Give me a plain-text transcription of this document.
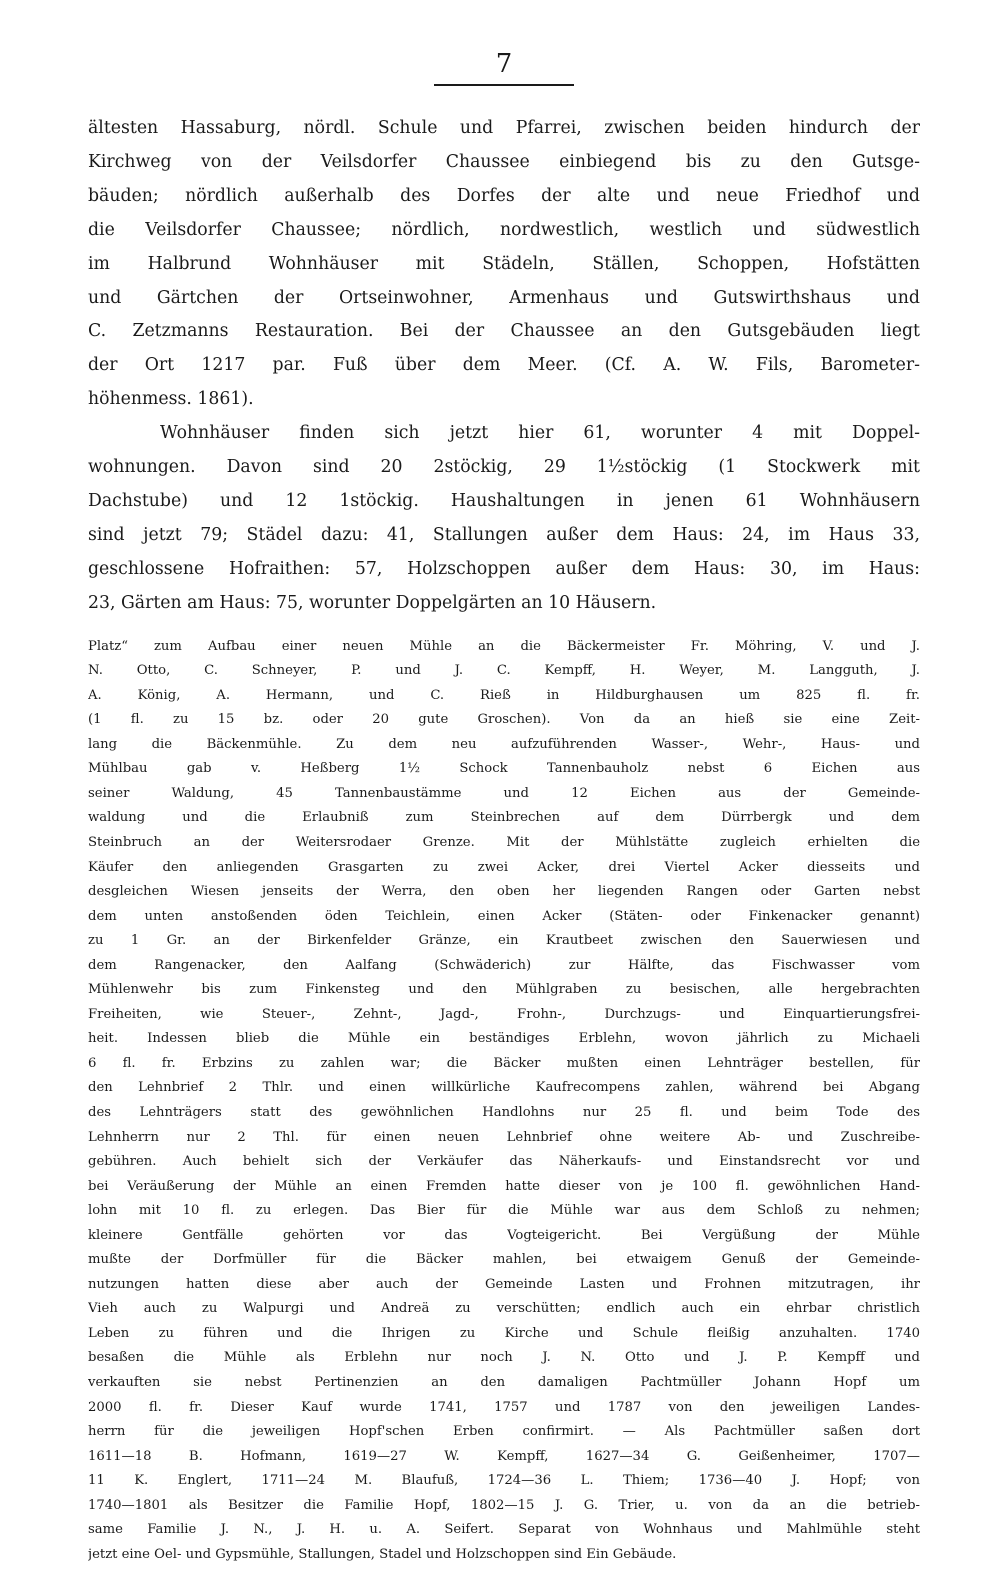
7
ältesten Hassaburg, nördl. Schule und Pfarrei, zwischen beiden hindurch der
Kirchweg von der Veilsdorfer Chaussee einbiegend bis zu den Gutsge-
bäuden; nördlich außerhalb des Dorfes der alte und neue Friedhof und
die Veilsdorfer Chaussee; nördlich, nordwestlich, westlich und südwestlich
im Halbrund Wohnhäuser mit Städeln, Ställen, Schoppen, Hofstätten
und Gärtchen der Ortseinwohner, Armenhaus und Gutswirthshaus und
C. Zetzmanns Restauration. Bei der Chaussee an den Gutsgebäuden liegt
der Ort 1217 par. Fuß über dem Meer. (Cf. A. W. Fils, Barometer-
höhenmess. 1861).
Wohnhäuser finden sich jetzt hier 61, worunter 4 mit Doppel-
wohnungen. Davon sind 20 2stöckig, 29 1½stöckig (1 Stockwerk mit
Dachstube) und 12 1stöckig. Haushaltungen in jenen 61 Wohnhäusern
sind jetzt 79; Städel dazu: 41, Stallungen außer dem Haus: 24, im Haus 33,
geschlossene Hofraithen: 57, Holzschoppen außer dem Haus: 30, im Haus:
23, Gärten am Haus: 75, worunter Doppelgärten an 10 Häusern.
Platz“ zum Aufbau einer neuen Mühle an die Bäckermeister Fr. Möhring, V. und J.
N. Otto, C. Schneyer, P. und J. C. Kempff, H. Weyer, M. Langguth, J.
A. König, A. Hermann, und C. Rieß in Hildburghausen um 825 fl. fr.
(1 fl. zu 15 bz. oder 20 gute Groschen). Von da an hieß sie eine Zeit-
lang die Bäckenmühle. Zu dem neu aufzuführenden Wasser-, Wehr-, Haus- und
Mühlbau gab v. Heßberg 1½ Schock Tannenbauholz nebst 6 Eichen aus
seiner Waldung, 45 Tannenbaustämme und 12 Eichen aus der Gemeinde-
waldung und die Erlaubniß zum Steinbrechen auf dem Dürrbergk und dem
Steinbruch an der Weitersrodaer Grenze. Mit der Mühlstätte zugleich erhielten die
Käufer den anliegenden Grasgarten zu zwei Acker, drei Viertel Acker diesseits und
desgleichen Wiesen jenseits der Werra, den oben her liegenden Rangen oder Garten nebst
dem unten anstoßenden öden Teichlein, einen Acker (Stäten- oder Finkenacker genannt)
zu 1 Gr. an der Birkenfelder Gränze, ein Krautbeet zwischen den Sauerwiesen und
dem Rangenacker, den Aalfang (Schwäderich) zur Hälfte, das Fischwasser vom
Mühlenwehr bis zum Finkensteg und den Mühlgraben zu besischen, alle hergebrachten
Freiheiten, wie Steuer-, Zehnt-, Jagd-, Frohn-, Durchzugs- und Einquartierungsfrei-
heit. Indessen blieb die Mühle ein beständiges Erblehn, wovon jährlich zu Michaeli
6 fl. fr. Erbzins zu zahlen war; die Bäcker mußten einen Lehnträger bestellen, für
den Lehnbrief 2 Thlr. und einen willkürliche Kaufrecompens zahlen, während bei Abgang
des Lehnträgers statt des gewöhnlichen Handlohns nur 25 fl. und beim Tode des
Lehnherrn nur 2 Thl. für einen neuen Lehnbrief ohne weitere Ab- und Zuschreibe-
gebühren. Auch behielt sich der Verkäufer das Näherkaufs- und Einstandsrecht vor und
bei Veräußerung der Mühle an einen Fremden hatte dieser von je 100 fl. gewöhnlichen Hand-
lohn mit 10 fl. zu erlegen. Das Bier für die Mühle war aus dem Schloß zu nehmen;
kleinere Gentfälle gehörten vor das Vogteigericht. Bei Vergüßung der Mühle
mußte der Dorfmüller für die Bäcker mahlen, bei etwaigem Genuß der Gemeinde-
nutzungen hatten diese aber auch der Gemeinde Lasten und Frohnen mitzutragen, ihr
Vieh auch zu Walpurgi und Andreä zu verschütten; endlich auch ein ehrbar christlich
Leben zu führen und die Ihrigen zu Kirche und Schule fleißig anzuhalten. 1740
besaßen die Mühle als Erblehn nur noch J. N. Otto und J. P. Kempff und
verkauften sie nebst Pertinenzien an den damaligen Pachtmüller Johann Hopf um
2000 fl. fr. Dieser Kauf wurde 1741, 1757 und 1787 von den jeweiligen Landes-
herrn für die jeweiligen Hopf'schen Erben confirmirt. — Als Pachtmüller saßen dort
1611—18 B. Hofmann, 1619—27 W. Kempff, 1627—34 G. Geißenheimer, 1707—
11 K. Englert, 1711—24 M. Blaufuß, 1724—36 L. Thiem; 1736—40 J. Hopf; von
1740—1801 als Besitzer die Familie Hopf, 1802—15 J. G. Trier, u. von da an die betrieb-
same Familie J. N., J. H. u. A. Seifert. Separat von Wohnhaus und Mahlmühle steht
jetzt eine Oel- und Gypsmühle, Stallungen, Stadel und Holzschoppen sind Ein Gebäude.
